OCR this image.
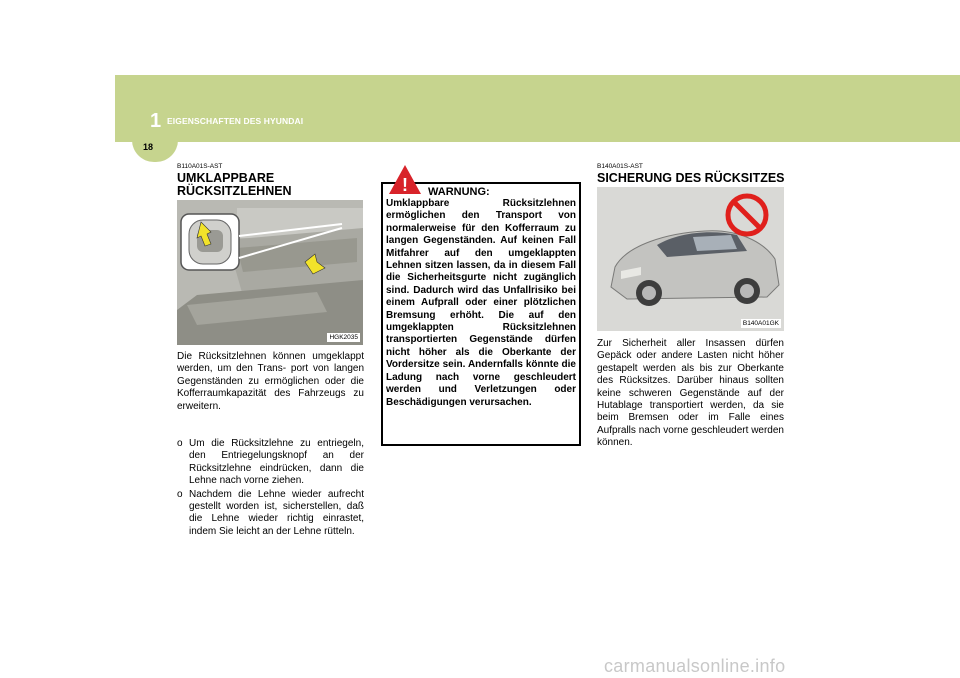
1 EIGENSCHAFTEN DES HYUNDAI
18
B110A01S-AST
UMKLAPPBARE
RÜCKSITZLEHNEN
HGK2035
Die Rücksitzlehnen können umgeklappt werden, um den Trans- port von langen Gegenständen zu ermöglichen oder die Kofferraumkapazität des Fahrzeugs zu erweitern.
o Um die Rücksitzlehne zu entriegeln, den Entriegelungsknopf an der Rücksitzlehne eindrücken, dann die Lehne nach vorne ziehen.
o Nachdem die Lehne wieder aufrecht gestellt worden ist, sicherstellen, daß die Lehne wieder richtig einrastet, indem Sie leicht an der Lehne rütteln.
! WARNUNG:
Umklappbare Rücksitzlehnen ermöglichen den Transport von normalerweise für den Kofferraum zu langen Gegenständen. Auf keinen Fall Mitfahrer auf den umgeklappten Lehnen sitzen lassen, da in diesem Fall die Sicherheitsgurte nicht zugänglich sind. Dadurch wird das Unfallrisiko bei einem Aufprall oder einer plötzlichen Bremsung erhöht. Die auf den umgeklappten Rücksitzlehnen transportierten Gegenstände dürfen nicht höher als die Oberkante der Vordersitze sein. Andernfalls könnte die Ladung nach vorne geschleudert werden und Verletzungen oder Beschädigungen verursachen.
B140A01S-AST
SICHERUNG DES RÜCKSITZES
B140A01GK
Zur Sicherheit aller Insassen dürfen Gepäck oder andere Lasten nicht höher gestapelt werden als bis zur Oberkante des Rücksitzes. Darüber hinaus sollten keine schweren Gegenstände auf der Hutablage transportiert werden, da sie beim Bremsen oder im Falle eines Aufpralls nach vorne geschleudert werden können.
carmanualsonline.info
